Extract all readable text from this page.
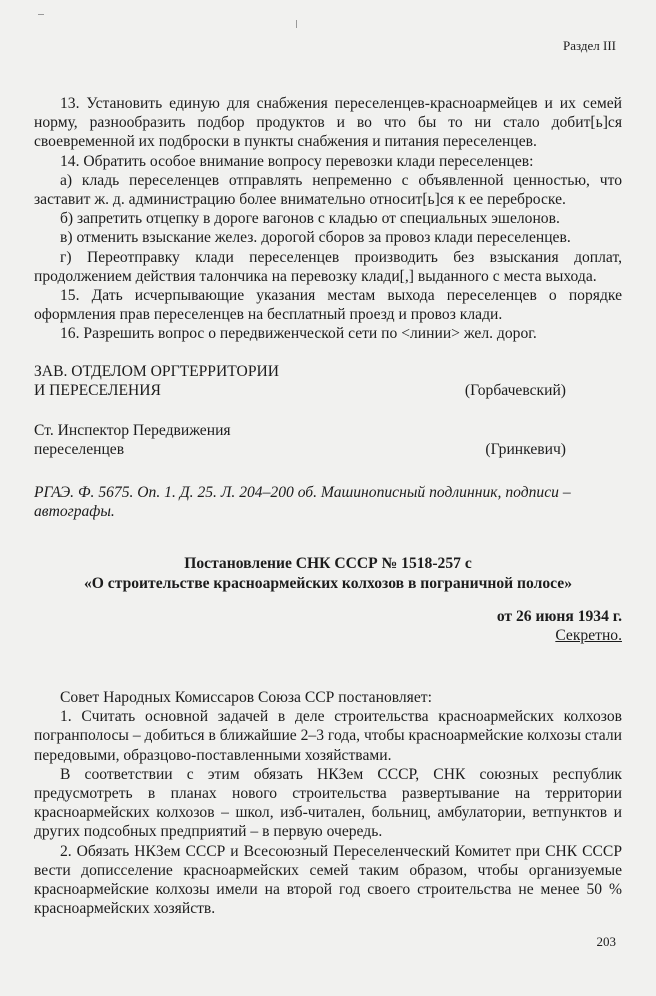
Раздел III

13. Установить единую для снабжения переселенцев-красноармейцев и их семей норму, разнообразить подбор продуктов и во что бы то ни стало добит[ь]ся своевременной их подброски в пункты снабжения и питания переселенцев.

14. Обратить особое внимание вопросу перевозки клади переселенцев:

а) кладь переселенцев отправлять непременно с объявленной ценностью, что заставит ж. д. администрацию более внимательно относит[ь]ся к ее переброске.

б) запретить отцепку в дороге вагонов с кладью от специальных эшелонов.

в) отменить взыскание желез. дорогой сборов за провоз клади переселенцев.

г) Переотправку клади переселенцев производить без взыскания доплат, продолжением действия талончика на перевозку клади[,] выданного с места выхода.

15. Дать исчерпывающие указания местам выхода переселенцев о порядке оформления прав переселенцев на бесплатный проезд и провоз клади.

16. Разрешить вопрос о передвиженческой сети по <линии> жел. дорог.

ЗАВ. ОТДЕЛОМ ОРГТЕРРИТОРИИ
И ПЕРЕСЕЛЕНИЯ	(Горбачевский)
Ст. Инспектор Передвижения
переселенцев	(Гринкевич)
РГАЭ. Ф. 5675. Оп. 1. Д. 25. Л. 204–200 об. Машинописный подлинник, подписи – автографы.
Постановление СНК СССР № 1518-257 с
«О строительстве красноармейских колхозов в пограничной полосе»
от 26 июня 1934 г.
Секретно.

Совет Народных Комиссаров Союза ССР постановляет:

1. Считать основной задачей в деле строительства красноармейских колхозов погранполосы – добиться в ближайшие 2–3 года, чтобы красноармейские колхозы стали передовыми, образцово-поставленными хозяйствами.

В соответствии с этим обязать НКЗем СССР, СНК союзных республик предусмотреть в планах нового строительства развертывание на территории красноармейских колхозов – школ, изб-читален, больниц, амбулатории, ветпунктов и других подсобных предприятий – в первую очередь.

2. Обязать НКЗем СССР и Всесоюзный Переселенческий Комитет при СНК СССР вести дописселение красноармейских семей таким образом, чтобы организуемые красноармейские колхозы имели на второй год своего строительства не менее 50 % красноармейских хозяйств.

203
